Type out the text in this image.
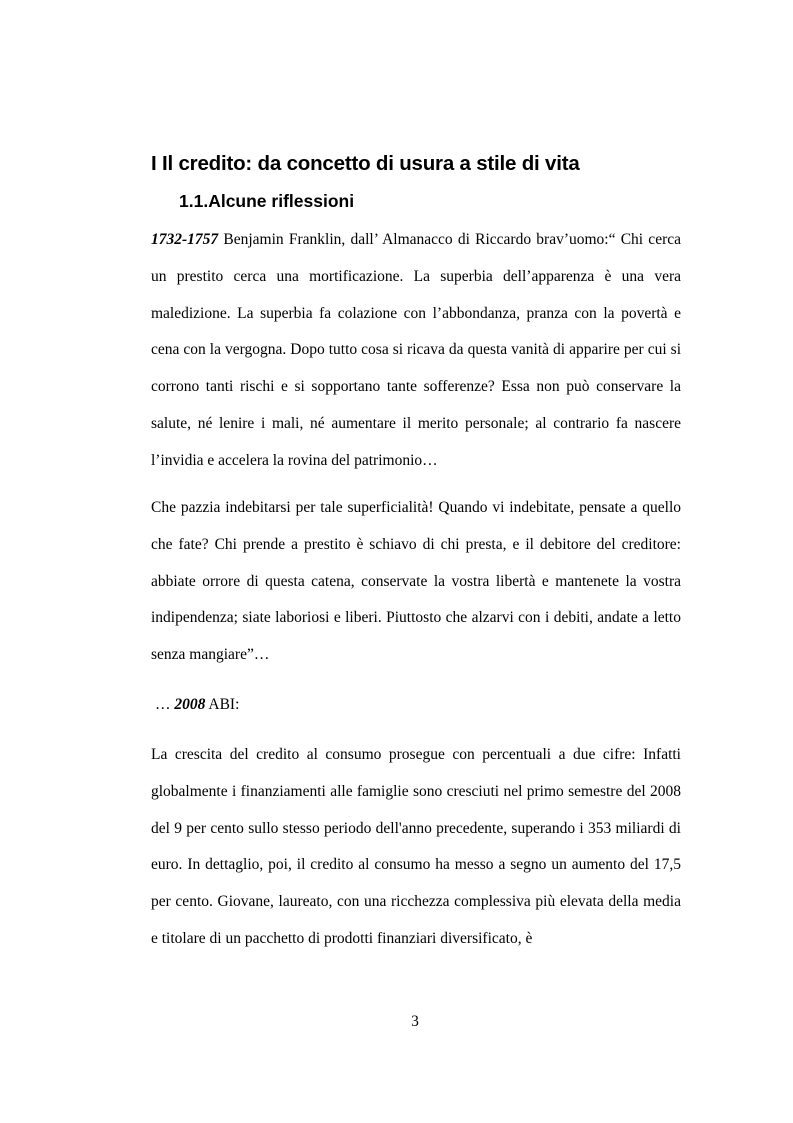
I Il credito: da concetto di usura a stile di vita
1.1.Alcune riflessioni

1732-1757 Benjamin Franklin, dall’ Almanacco di Riccardo brav’uomo:“ Chi cerca un prestito cerca una mortificazione. La superbia dell’apparenza è una vera maledizione. La superbia fa colazione con l’abbondanza, pranza con la povertà e cena con la vergogna. Dopo tutto cosa si ricava da questa vanità di apparire per cui si corrono tanti rischi e si sopportano tante sofferenze? Essa non può conservare la salute, né lenire i mali, né aumentare il merito personale; al contrario fa nascere l’invidia e accelera la rovina del patrimonio…

Che pazzia indebitarsi per tale superficialità! Quando vi indebitate, pensate a quello che fate? Chi prende a prestito è schiavo di chi presta, e il debitore del creditore: abbiate orrore di questa catena, conservate la vostra libertà e mantenete la vostra indipendenza; siate laboriosi e liberi. Piuttosto che alzarvi con i debiti, andate a letto senza mangiare”…

… 2008 ABI:

La crescita del credito al consumo prosegue con percentuali a due cifre: Infatti globalmente i finanziamenti alle famiglie sono cresciuti nel primo semestre del 2008 del 9 per cento sullo stesso periodo dell'anno precedente, superando i 353 miliardi di euro. In dettaglio, poi, il credito al consumo ha messo a segno un aumento del 17,5 per cento. Giovane, laureato, con una ricchezza complessiva più elevata della media e titolare di un pacchetto di prodotti finanziari diversificato, è

3
